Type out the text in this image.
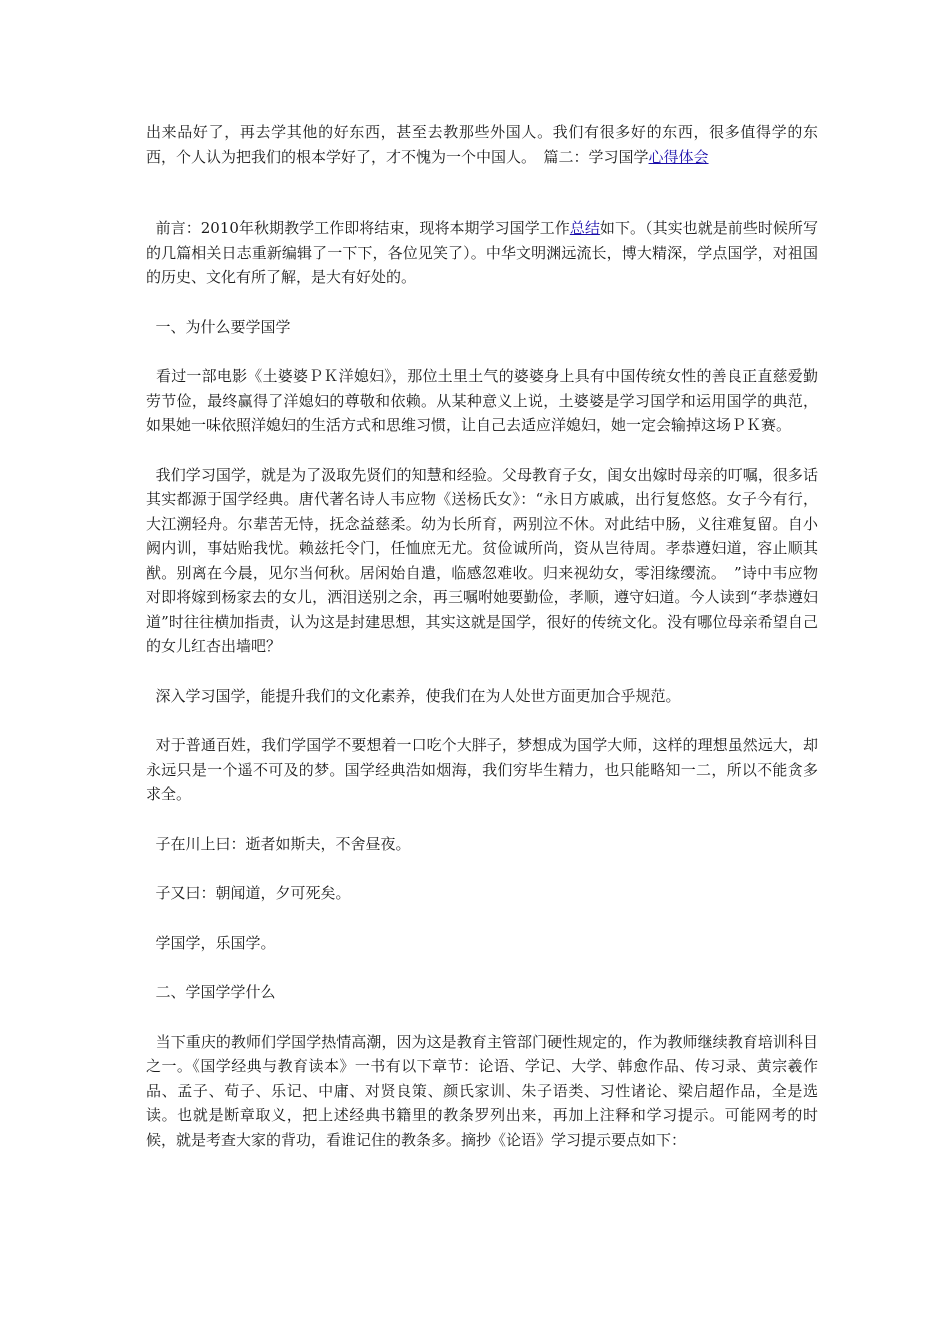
出来品好了，再去学其他的好东西，甚至去教那些外国人。我们有很多好的东西，很多值得学的东西，个人认为把我们的根本学好了，才不愧为一个中国人。　篇二：学习国学心得体会

前言：2010年秋期教学工作即将结束，现将本期学习国学工作总结如下。（其实也就是前些时候所写的几篇相关日志重新编辑了一下下，各位见笑了）。中华文明渊远流长，博大精深，学点国学，对祖国的历史、文化有所了解，是大有好处的。

一、为什么要学国学

看过一部电影《土婆婆ＰＫ洋媳妇》，那位土里土气的婆婆身上具有中国传统女性的善良正直慈爱勤劳节俭，最终赢得了洋媳妇的尊敬和依赖。从某种意义上说，土婆婆是学习国学和运用国学的典范，如果她一味依照洋媳妇的生活方式和思维习惯，让自己去适应洋媳妇，她一定会输掉这场ＰＫ赛。

我们学习国学，就是为了汲取先贤们的知慧和经验。父母教育子女，闺女出嫁时母亲的叮嘱，很多话其实都源于国学经典。唐代著名诗人韦应物《送杨氏女》：“永日方戚戚，出行复悠悠。女子今有行，大江溯轻舟。尔辈苦无恃，抚念益慈柔。幼为长所育，两别泣不休。对此结中肠，义往难复留。自小阙内训，事姑贻我忧。赖兹托令门，任恤庶无尤。贫俭诚所尚，资从岂待周。孝恭遵妇道，容止顺其猷。别离在今晨，见尔当何秋。居闲始自遣，临感忽难收。归来视幼女，零泪缘缨流。　”诗中韦应物对即将嫁到杨家去的女儿，洒泪送别之余，再三嘱咐她要勤俭，孝顺，遵守妇道。今人读到“孝恭遵妇道”时往往横加指责，认为这是封建思想，其实这就是国学，很好的传统文化。没有哪位母亲希望自己的女儿红杏出墙吧？

深入学习国学，能提升我们的文化素养，使我们在为人处世方面更加合乎规范。

对于普通百姓，我们学国学不要想着一口吃个大胖子，梦想成为国学大师，这样的理想虽然远大，却永远只是一个遥不可及的梦。国学经典浩如烟海，我们穷毕生精力，也只能略知一二，所以不能贪多求全。

子在川上曰：逝者如斯夫，不舍昼夜。

子又曰：朝闻道，夕可死矣。

学国学，乐国学。

二、学国学学什么

当下重庆的教师们学国学热情高潮，因为这是教育主管部门硬性规定的，作为教师继续教育培训科目之一。《国学经典与教育读本》一书有以下章节：论语、学记、大学、韩愈作品、传习录、黄宗羲作品、孟子、荀子、乐记、中庸、对贤良策、颜氏家训、朱子语类、习性诸论、梁启超作品，全是选读。也就是断章取义，把上述经典书籍里的教条罗列出来，再加上注释和学习提示。可能网考的时候，就是考查大家的背功，看谁记住的教条多。摘抄《论语》学习提示要点如下：
